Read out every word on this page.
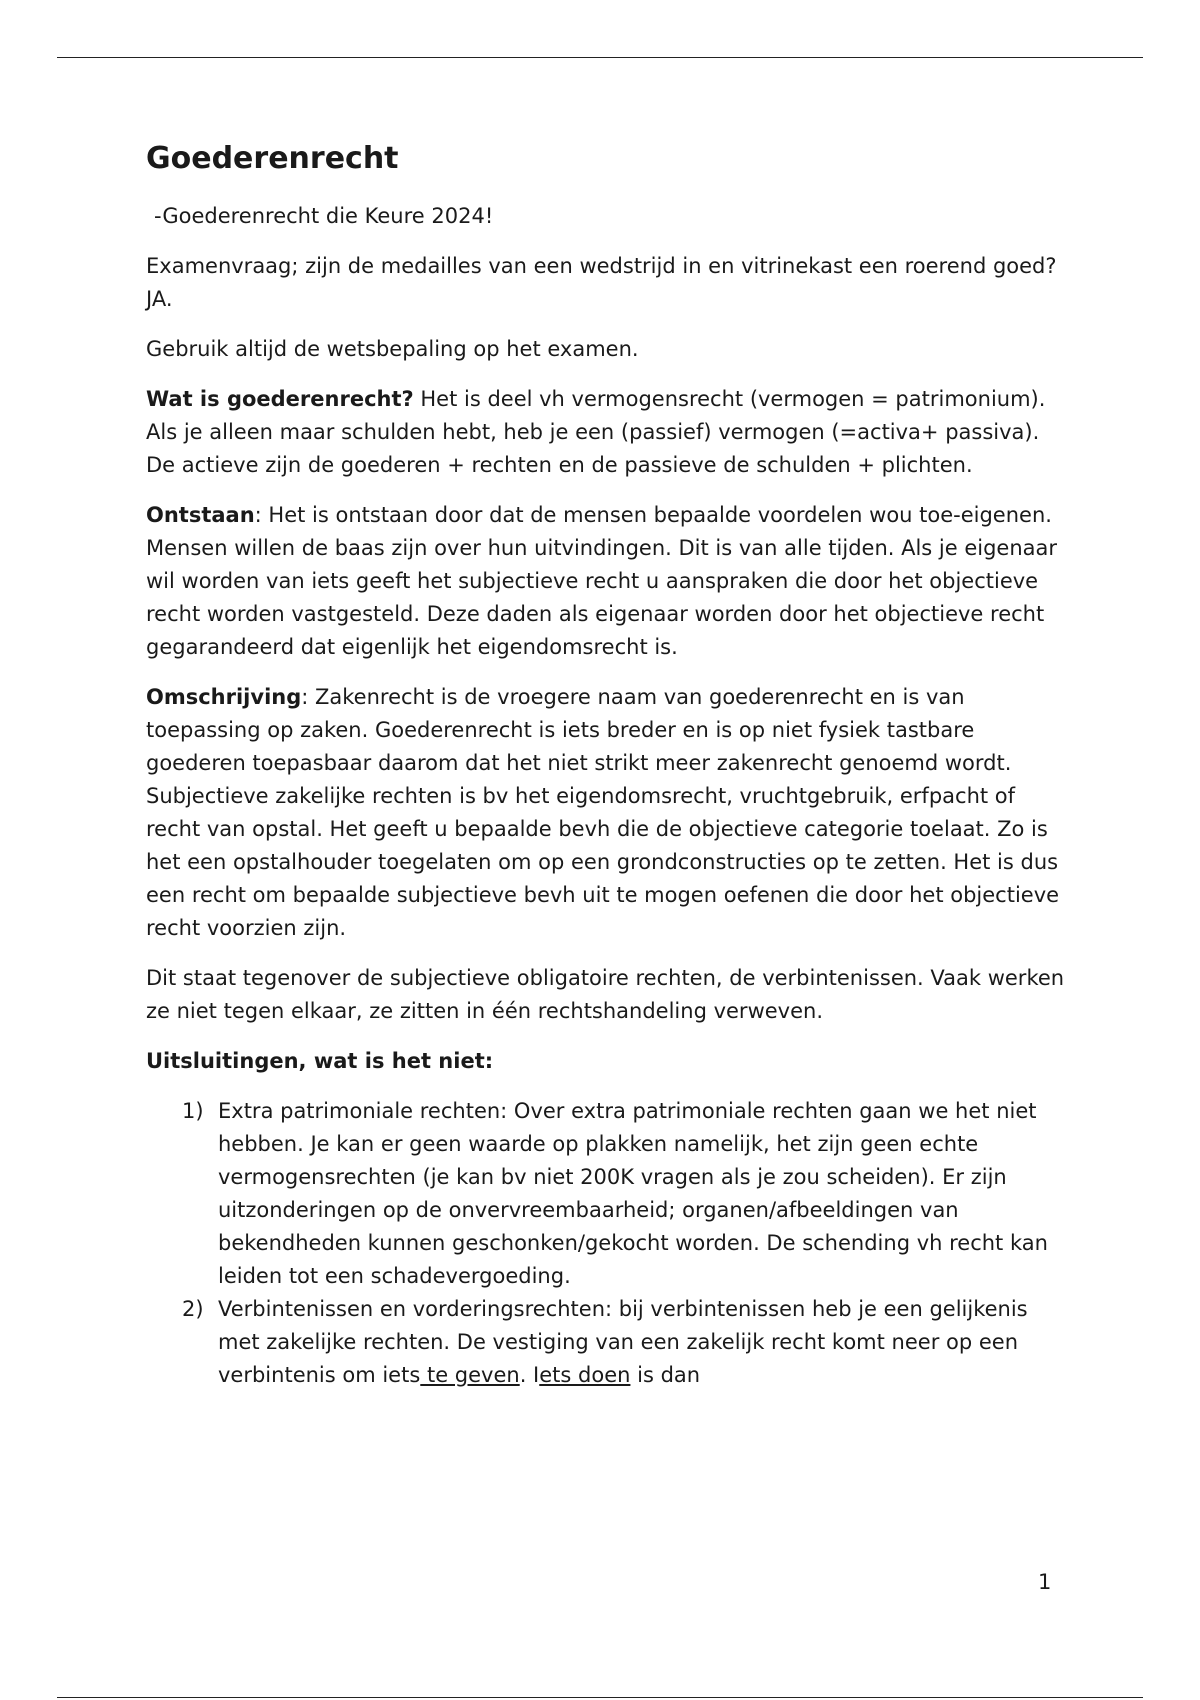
Goederenrecht

-Goederenrecht die Keure 2024!

Examenvraag; zijn de medailles van een wedstrijd in en vitrinekast een roerend goed? JA.

Gebruik altijd de wetsbepaling op het examen.

Wat is goederenrecht? Het is deel vh vermogensrecht (vermogen = patrimonium). Als je alleen maar schulden hebt, heb je een (passief) vermogen (=activa+ passiva). De actieve zijn de goederen + rechten en de passieve de schulden + plichten.

Ontstaan: Het is ontstaan door dat de mensen bepaalde voordelen wou toe-eigenen. Mensen willen de baas zijn over hun uitvindingen. Dit is van alle tijden. Als je eigenaar wil worden van iets geeft het subjectieve recht u aanspraken die door het objectieve recht worden vastgesteld. Deze daden als eigenaar worden door het objectieve recht gegarandeerd dat eigenlijk het eigendomsrecht is.

Omschrijving: Zakenrecht is de vroegere naam van goederenrecht en is van toepassing op zaken. Goederenrecht is iets breder en is op niet fysiek tastbare goederen toepasbaar daarom dat het niet strikt meer zakenrecht genoemd wordt. Subjectieve zakelijke rechten is bv het eigendomsrecht, vruchtgebruik, erfpacht of recht van opstal. Het geeft u bepaalde bevh die de objectieve categorie toelaat. Zo is het een opstalhouder toegelaten om op een grondconstructies op te zetten. Het is dus een recht om bepaalde subjectieve bevh uit te mogen oefenen die door het objectieve recht voorzien zijn.

Dit staat tegenover de subjectieve obligatoire rechten, de verbintenissen. Vaak werken ze niet tegen elkaar, ze zitten in één rechtshandeling verweven.

Uitsluitingen, wat is het niet:

1) Extra patrimoniale rechten: Over extra patrimoniale rechten gaan we het niet hebben. Je kan er geen waarde op plakken namelijk, het zijn geen echte vermogensrechten (je kan bv niet 200K vragen als je zou scheiden). Er zijn uitzonderingen op de onvervreembaarheid; organen/afbeeldingen van bekendheden kunnen geschonken/gekocht worden. De schending vh recht kan leiden tot een schadevergoeding.
2) Verbintenissen en vorderingsrechten: bij verbintenissen heb je een gelijkenis met zakelijke rechten. De vestiging van een zakelijk recht komt neer op een verbintenis om iets te geven. Iets doen is dan
1
